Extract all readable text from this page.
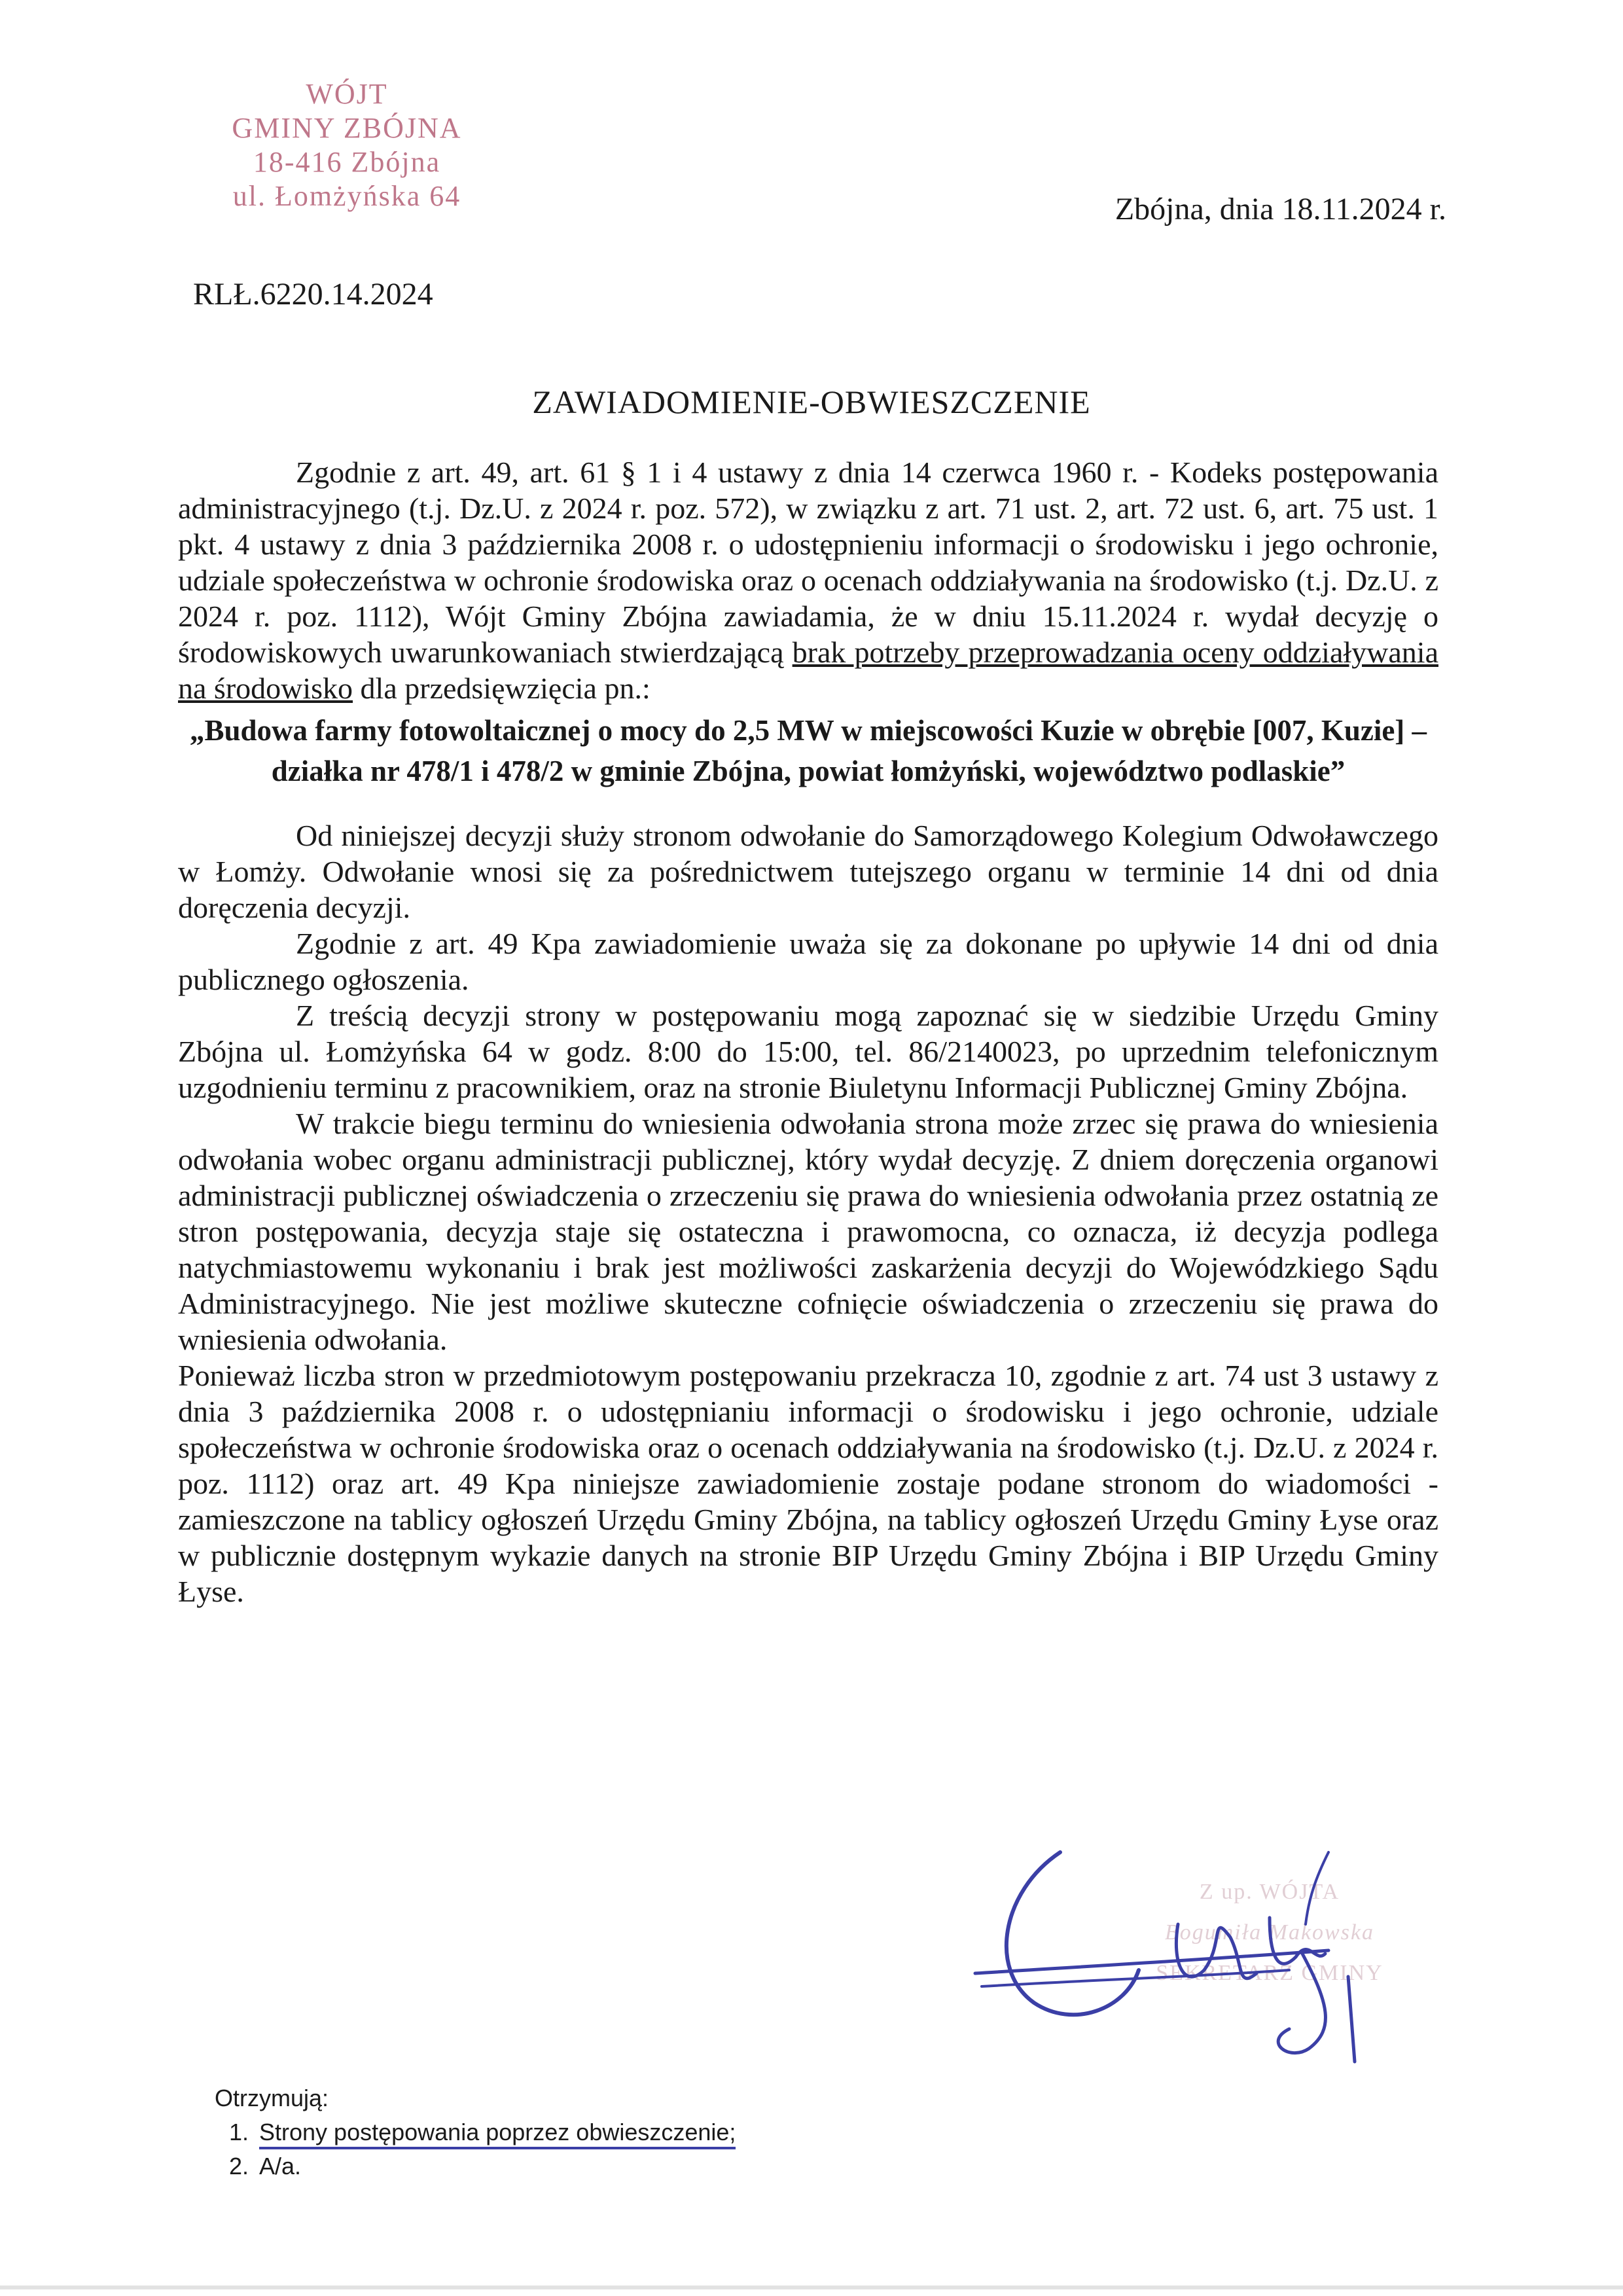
WÓJT
GMINY ZBÓJNA
18-416 Zbójna
ul. Łomżyńska 64	Zbójna, dnia 18.11.2024 r.
RLŁ.6220.14.2024
ZAWIADOMIENIE-OBWIESZCZENIE

Zgodnie z art. 49, art. 61 § 1 i 4 ustawy z dnia 14 czerwca 1960 r. - Kodeks postępowania administracyjnego (t.j. Dz.U. z 2024 r. poz. 572), w związku z art. 71 ust. 2, art. 72 ust. 6, art. 75 ust. 1 pkt. 4 ustawy z dnia 3 października 2008 r. o udostępnieniu informacji o środowisku i jego ochronie, udziale społeczeństwa w ochronie środowiska oraz o ocenach oddziaływania na środowisko (t.j. Dz.U. z 2024 r. poz. 1112), Wójt Gminy Zbójna zawiadamia, że w dniu 15.11.2024 r. wydał decyzję o środowiskowych uwarunkowaniach stwierdzającą brak potrzeby przeprowadzania oceny oddziaływania na środowisko dla przedsięwzięcia pn.:

„Budowa farmy fotowoltaicznej o mocy do 2,5 MW w miejscowości Kuzie w obrębie [007, Kuzie] – działka nr 478/1 i 478/2 w gminie Zbójna, powiat łomżyński, województwo podlaskie”

Od niniejszej decyzji służy stronom odwołanie do Samorządowego Kolegium Odwoławczego w Łomży. Odwołanie wnosi się za pośrednictwem tutejszego organu w terminie 14 dni od dnia doręczenia decyzji.

Zgodnie z art. 49 Kpa zawiadomienie uważa się za dokonane po upływie 14 dni od dnia publicznego ogłoszenia.

Z treścią decyzji strony w postępowaniu mogą zapoznać się w siedzibie Urzędu Gminy Zbójna ul. Łomżyńska 64 w godz. 8:00 do 15:00, tel. 86/2140023, po uprzednim telefonicznym uzgodnieniu terminu z pracownikiem, oraz na stronie Biuletynu Informacji Publicznej Gminy Zbójna.

W trakcie biegu terminu do wniesienia odwołania strona może zrzec się prawa do wniesienia odwołania wobec organu administracji publicznej, który wydał decyzję. Z dniem doręczenia organowi administracji publicznej oświadczenia o zrzeczeniu się prawa do wniesienia odwołania przez ostatnią ze stron postępowania, decyzja staje się ostateczna i prawomocna, co oznacza, iż decyzja podlega natychmiastowemu wykonaniu i brak jest możliwości zaskarżenia decyzji do Wojewódzkiego Sądu Administracyjnego. Nie jest możliwe skuteczne cofnięcie oświadczenia o zrzeczeniu się prawa do wniesienia odwołania.

Ponieważ liczba stron w przedmiotowym postępowaniu przekracza 10, zgodnie z art. 74 ust 3 ustawy z dnia 3 października 2008 r. o udostępnianiu informacji o środowisku i jego ochronie, udziale społeczeństwa w ochronie środowiska oraz o ocenach oddziaływania na środowisko (t.j. Dz.U. z 2024 r. poz. 1112) oraz art. 49 Kpa niniejsze zawiadomienie zostaje podane stronom do wiadomości - zamieszczone na tablicy ogłoszeń Urzędu Gminy Zbójna, na tablicy ogłoszeń Urzędu Gminy Łyse oraz w publicznie dostępnym wykazie danych na stronie BIP Urzędu Gminy Zbójna i BIP Urzędu Gminy Łyse.

Z up. WÓJTA
Bogumiła Makowska
SEKRETARZ GMINY
Otrzymują:
1. Strony postępowania poprzez obwieszczenie;
2. A/a.
